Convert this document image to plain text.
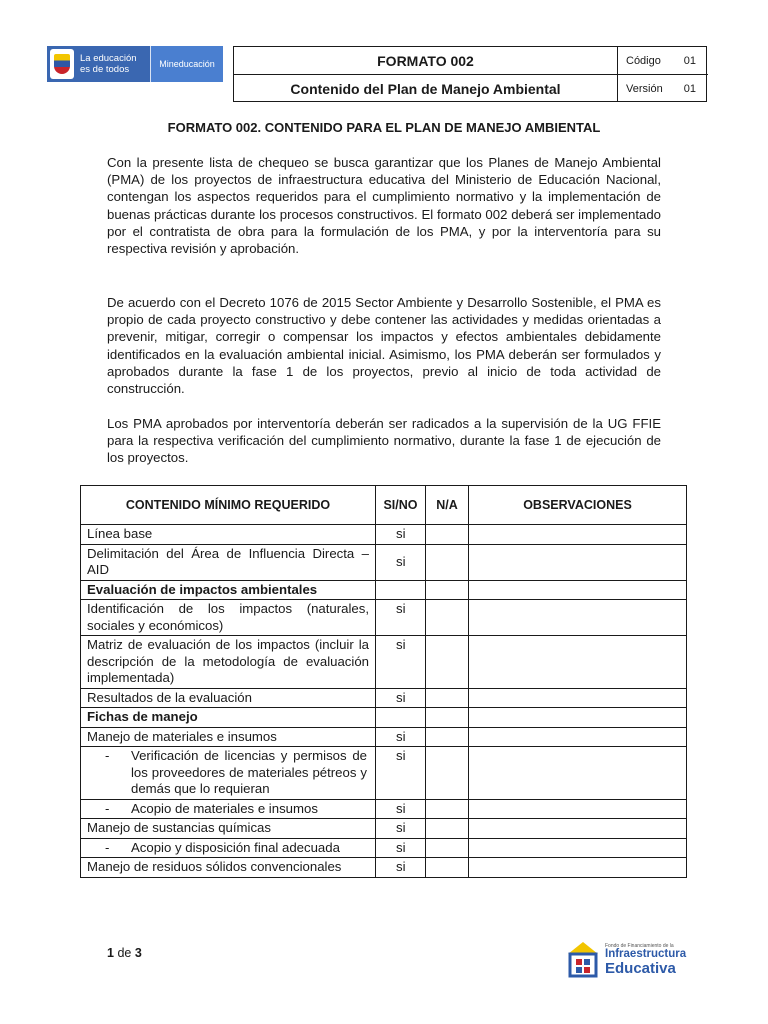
La educación
es de todos	Mineducación	FORMATO 002	Código 01
Contenido del Plan de Manejo Ambiental	Versión 01
FORMATO 002. CONTENIDO PARA EL PLAN DE MANEJO AMBIENTAL

Con la presente lista de chequeo se busca garantizar que los Planes de Manejo Ambiental (PMA) de los proyectos de infraestructura educativa del Ministerio de Educación Nacional, contengan los aspectos requeridos para el cumplimiento normativo y la implementación de buenas prácticas durante los procesos constructivos. El formato 002 deberá ser implementado por el contratista de obra para la formulación de los PMA, y por la interventoría para su respectiva revisión y aprobación.

De acuerdo con el Decreto 1076 de 2015 Sector Ambiente y Desarrollo Sostenible, el PMA es propio de cada proyecto constructivo y debe contener las actividades y medidas orientadas a prevenir, mitigar, corregir o compensar los impactos y efectos ambientales debidamente identificados en la evaluación ambiental inicial. Asimismo, los PMA deberán ser formulados y aprobados durante la fase 1 de los proyectos, previo al inicio de toda actividad de construcción.

Los PMA aprobados por interventoría deberán ser radicados a la supervisión de la UG FFIE para la respectiva verificación del cumplimiento normativo, durante la fase 1 de ejecución de los proyectos.

CONTENIDO MÍNIMO REQUERIDO	SI/NO	N/A	OBSERVACIONES
Línea base	si		
Delimitación del Área de Influencia Directa – AID	si		
Evaluación de impactos ambientales			
Identificación de los impactos (naturales, sociales y económicos)	si		
Matriz de evaluación de los impactos (incluir la descripción de la metodología de evaluación implementada)	si		
Resultados de la evaluación	si		
Fichas de manejo			
Manejo de materiales e insumos	si		

- Verificación de licencias y permisos de los proveedores de materiales pétreos y demás que lo requieran	si		

- Acopio de materiales e insumos	si		
Manejo de sustancias químicas	si		

- Acopio y disposición final adecuada	si		
Manejo de residuos sólidos convencionales	si		
1 de 3	Fondo de Financiamiento de la
Infraestructura
Educativa
